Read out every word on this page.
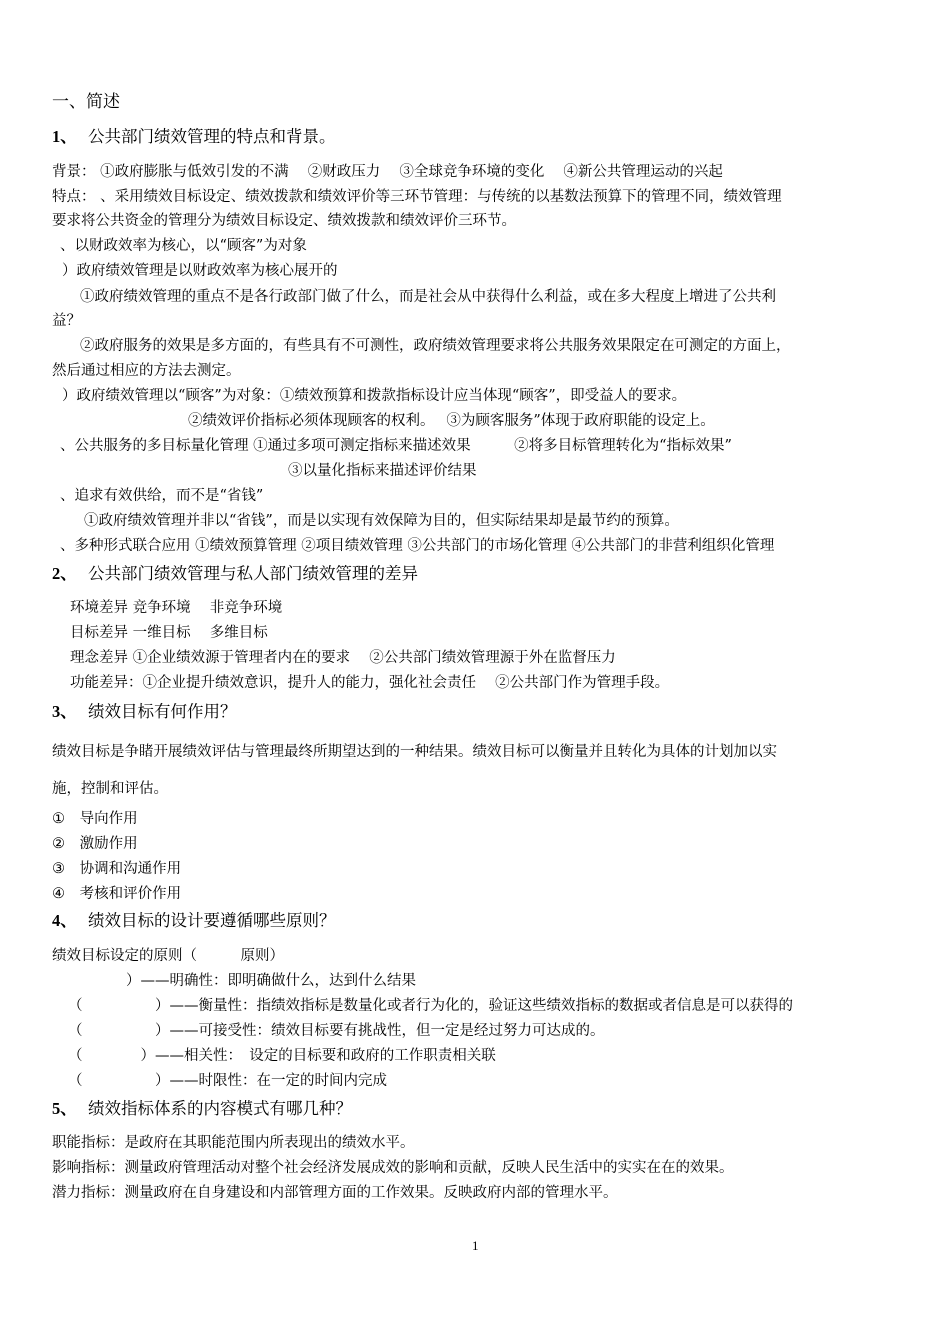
一、简述
1、 公共部门绩效管理的特点和背景。
背景： ①政府膨胀与低效引发的不满　 ②财政压力　 ③全球竞争环境的变化　 ④新公共管理运动的兴起
特点： 、采用绩效目标设定、绩效拨款和绩效评价等三环节管理：与传统的以基数法预算下的管理不同，绩效管理
要求将公共资金的管理分为绩效目标设定、绩效拨款和绩效评价三环节。
、以财政效率为核心，以“顾客”为对象
）政府绩效管理是以财政效率为核心展开的
①政府绩效管理的重点不是各行政部门做了什么，而是社会从中获得什么利益，或在多大程度上增进了公共利
益？
②政府服务的效果是多方面的，有些具有不可测性，政府绩效管理要求将公共服务效果限定在可测定的方面上，
然后通过相应的方法去测定。
）政府绩效管理以“顾客”为对象：①绩效预算和拨款指标设计应当体现“顾客”，即受益人的要求。
②绩效评价指标必须体现顾客的权利。　 ③为顾客服务”体现于政府职能的设定上。
、公共服务的多目标量化管理 ①通过多项可测定指标来描述效果　　　②将多目标管理转化为“指标效果”
③以量化指标来描述评价结果
、追求有效供给，而不是“省钱”
①政府绩效管理并非以“省钱”，而是以实现有效保障为目的，但实际结果却是最节约的预算。
、多种形式联合应用 ①绩效预算管理 ②项目绩效管理 ③公共部门的市场化管理 ④公共部门的非营利组织化管理
2、 公共部门绩效管理与私人部门绩效管理的差异
环境差异 竞争环境　 非竞争环境
目标差异 一维目标　 多维目标
理念差异 ①企业绩效源于管理者内在的要求　 ②公共部门绩效管理源于外在监督压力
功能差异：①企业提升绩效意识，提升人的能力，强化社会责任　 ②公共部门作为管理手段。
3、 绩效目标有何作用？
绩效目标是争睹开展绩效评估与管理最终所期望达到的一种结果。绩效目标可以衡量并且转化为具体的计划加以实
施，控制和评估。
① 导向作用
② 激励作用
③ 协调和沟通作用
④ 考核和评价作用
4、 绩效目标的设计要遵循哪些原则？
绩效目标设定的原则（　　　原则）
　　　　）——明确性：即明确做什么，达到什么结果
（　　　　　）——衡量性：指绩效指标是数量化或者行为化的，验证这些绩效指标的数据或者信息是可以获得的
（　　　　　）——可接受性：绩效目标要有挑战性，但一定是经过努力可达成的。
（　　　　）——相关性：　设定的目标要和政府的工作职责相关联
（　　　　　）——时限性：在一定的时间内完成
5、 绩效指标体系的内容模式有哪几种？
职能指标：是政府在其职能范围内所表现出的绩效水平。
影响指标：测量政府管理活动对整个社会经济发展成效的影响和贡献，反映人民生活中的实实在在的效果。
潜力指标：测量政府在自身建设和内部管理方面的工作效果。反映政府内部的管理水平。
1
